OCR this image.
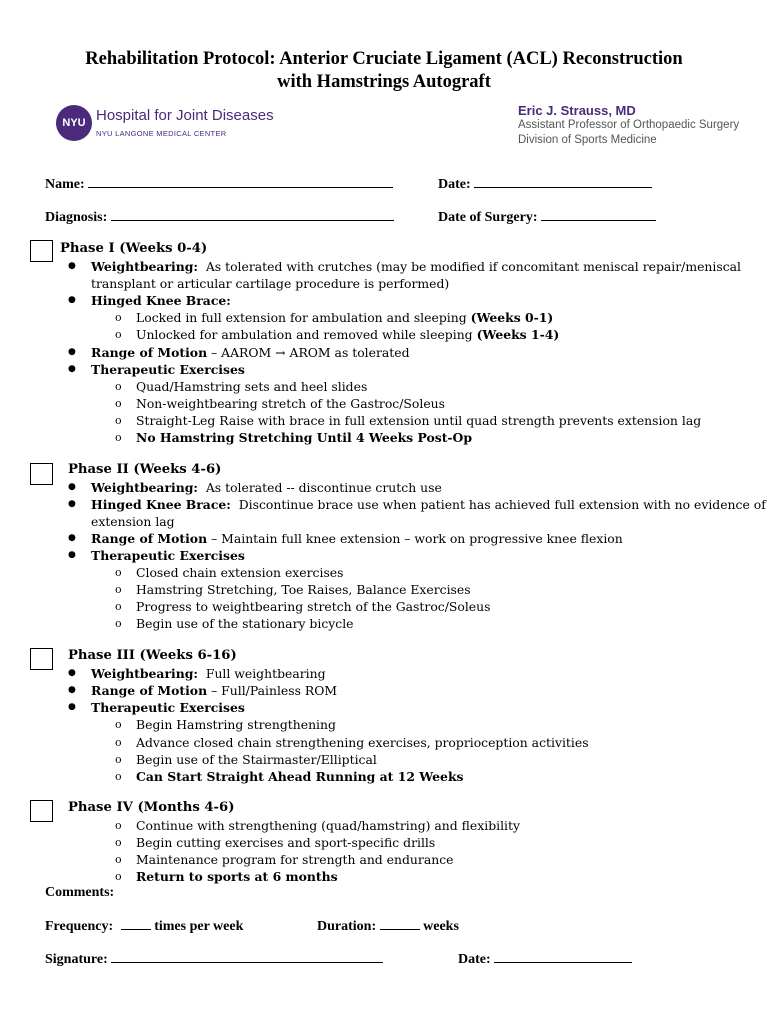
Rehabilitation Protocol: Anterior Cruciate Ligament (ACL) Reconstruction
with Hamstrings Autograft
NYU Hospital for Joint Diseases
NYU LANGONE MEDICAL CENTER
Eric J. Strauss, MD
Assistant Professor of Orthopaedic Surgery
Division of Sports Medicine
Name:	Date:
Diagnosis:	Date of Surgery:
Phase I (Weeks 0-4)
● Weightbearing: As tolerated with crutches (may be modified if concomitant meniscal repair/meniscal
transplant or articular cartilage procedure is performed)
● Hinged Knee Brace:
o Locked in full extension for ambulation and sleeping (Weeks 0-1)
o Unlocked for ambulation and removed while sleeping (Weeks 1-4)
● Range of Motion – AAROM → AROM as tolerated
● Therapeutic Exercises
o Quad/Hamstring sets and heel slides
o Non-weightbearing stretch of the Gastroc/Soleus
o Straight-Leg Raise with brace in full extension until quad strength prevents extension lag
o No Hamstring Stretching Until 4 Weeks Post-Op
Phase II (Weeks 4-6)
● Weightbearing: As tolerated -- discontinue crutch use
● Hinged Knee Brace: Discontinue brace use when patient has achieved full extension with no evidence of
extension lag
● Range of Motion – Maintain full knee extension – work on progressive knee flexion
● Therapeutic Exercises
o Closed chain extension exercises
o Hamstring Stretching, Toe Raises, Balance Exercises
o Progress to weightbearing stretch of the Gastroc/Soleus
o Begin use of the stationary bicycle
Phase III (Weeks 6-16)
● Weightbearing: Full weightbearing
● Range of Motion – Full/Painless ROM
● Therapeutic Exercises
o Begin Hamstring strengthening
o Advance closed chain strengthening exercises, proprioception activities
o Begin use of the Stairmaster/Elliptical
o Can Start Straight Ahead Running at 12 Weeks
Phase IV (Months 4-6)
o Continue with strengthening (quad/hamstring) and flexibility
o Begin cutting exercises and sport-specific drills
o Maintenance program for strength and endurance
o Return to sports at 6 months
Comments:
Frequency:	times per week	Duration:	weeks
Signature:	Date:
